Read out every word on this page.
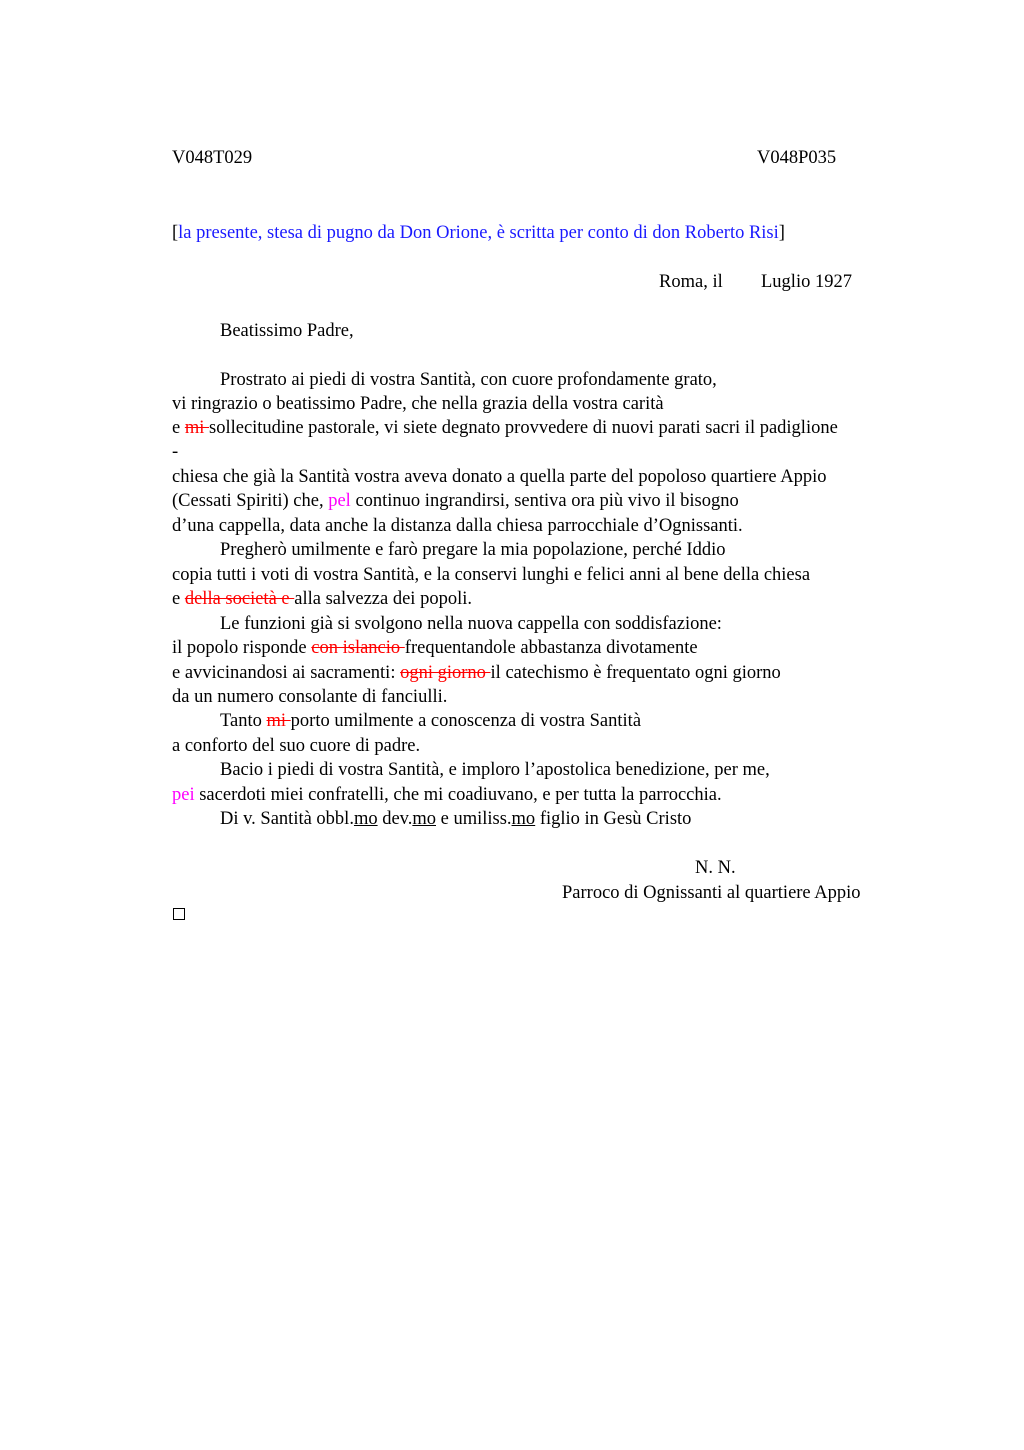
V048T029	V048P035
[la presente, stesa di pugno da Don Orione, è scritta per conto di don Roberto Risi]
Roma, il Luglio 1927
Beatissimo Padre,
Prostrato ai piedi di vostra Santità, con cuore profondamente grato,
vi ringrazio o beatissimo Padre, che nella grazia della vostra carità
e mi sollecitudine pastorale, vi siete degnato provvedere di nuovi parati sacri il padiglione
-
chiesa che già la Santità vostra aveva donato a quella parte del popoloso quartiere Appio
(Cessati Spiriti) che, pel continuo ingrandirsi, sentiva ora più vivo il bisogno
d’una cappella, data anche la distanza dalla chiesa parrocchiale d’Ognissanti.
Pregherò umilmente e farò pregare la mia popolazione, perché Iddio
copia tutti i voti di vostra Santità, e la conservi lunghi e felici anni al bene della chiesa
e della società e alla salvezza dei popoli.
Le funzioni già si svolgono nella nuova cappella con soddisfazione:
il popolo risponde con islancio frequentandole abbastanza divotamente
e avvicinandosi ai sacramenti: ogni giorno il catechismo è frequentato ogni giorno
da un numero consolante di fanciulli.
Tanto mi porto umilmente a conoscenza di vostra Santità
a conforto del suo cuore di padre.
Bacio i piedi di vostra Santità, e imploro l’apostolica benedizione, per me,
pei sacerdoti miei confratelli, che mi coadiuvano, e per tutta la parrocchia.
Di v. Santità obbl.mo dev.mo e umiliss.mo figlio in Gesù Cristo
N. N.
Parroco di Ognissanti al quartiere Appio
